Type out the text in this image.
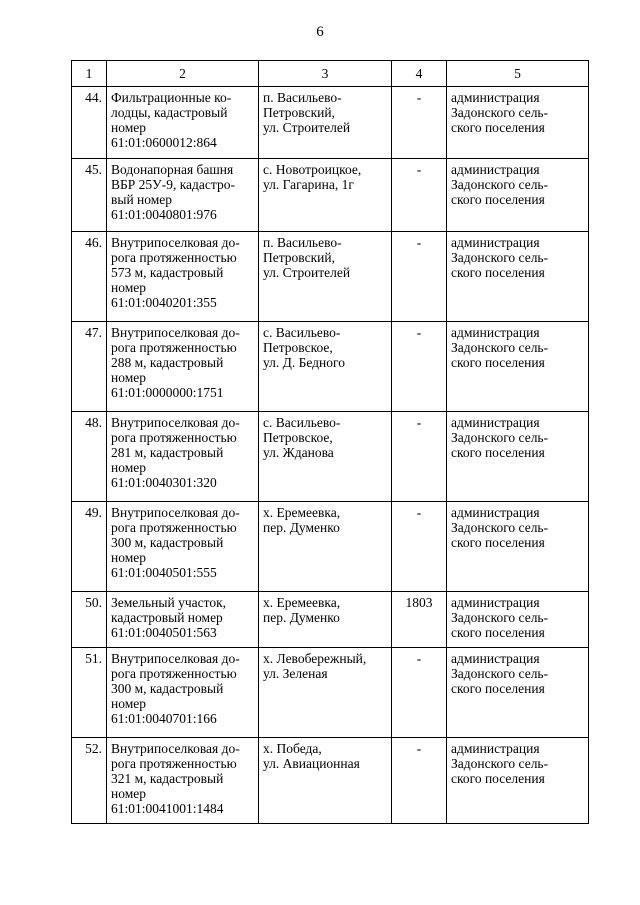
6
1	2	3	4	5
44.	Фильтрационные ко-
лодцы, кадастровый
номер
61:01:0600012:864	п. Васильево-
Петровский,
ул. Строителей	-	администрация
Задонского сель-
ского поселения
45.	Водонапорная башня
ВБР 25У-9, кадастро-
вый номер
61:01:0040801:976	с. Новотроицкое,
ул. Гагарина, 1г	-	администрация
Задонского сель-
ского поселения
46.	Внутрипоселковая до-
рога протяженностью
573 м, кадастровый
номер
61:01:0040201:355	п. Васильево-
Петровский,
ул. Строителей	-	администрация
Задонского сель-
ского поселения
47.	Внутрипоселковая до-
рога протяженностью
288 м, кадастровый
номер
61:01:0000000:1751	с. Васильево-
Петровское,
ул. Д. Бедного	-	администрация
Задонского сель-
ского поселения
48.	Внутрипоселковая до-
рога протяженностью
281 м, кадастровый
номер
61:01:0040301:320	с. Васильево-
Петровское,
ул. Жданова	-	администрация
Задонского сель-
ского поселения
49.	Внутрипоселковая до-
рога протяженностью
300 м, кадастровый
номер
61:01:0040501:555	х. Еремеевка,
пер. Думенко	-	администрация
Задонского сель-
ского поселения
50.	Земельный участок,
кадастровый номер
61:01:0040501:563	х. Еремеевка,
пер. Думенко	1803	администрация
Задонского сель-
ского поселения
51.	Внутрипоселковая до-
рога протяженностью
300 м, кадастровый
номер
61:01:0040701:166	х. Левобережный,
ул. Зеленая	-	администрация
Задонского сель-
ского поселения
52.	Внутрипоселковая до-
рога протяженностью
321 м, кадастровый
номер
61:01:0041001:1484	х. Победа,
ул. Авиационная	-	администрация
Задонского сель-
ского поселения
